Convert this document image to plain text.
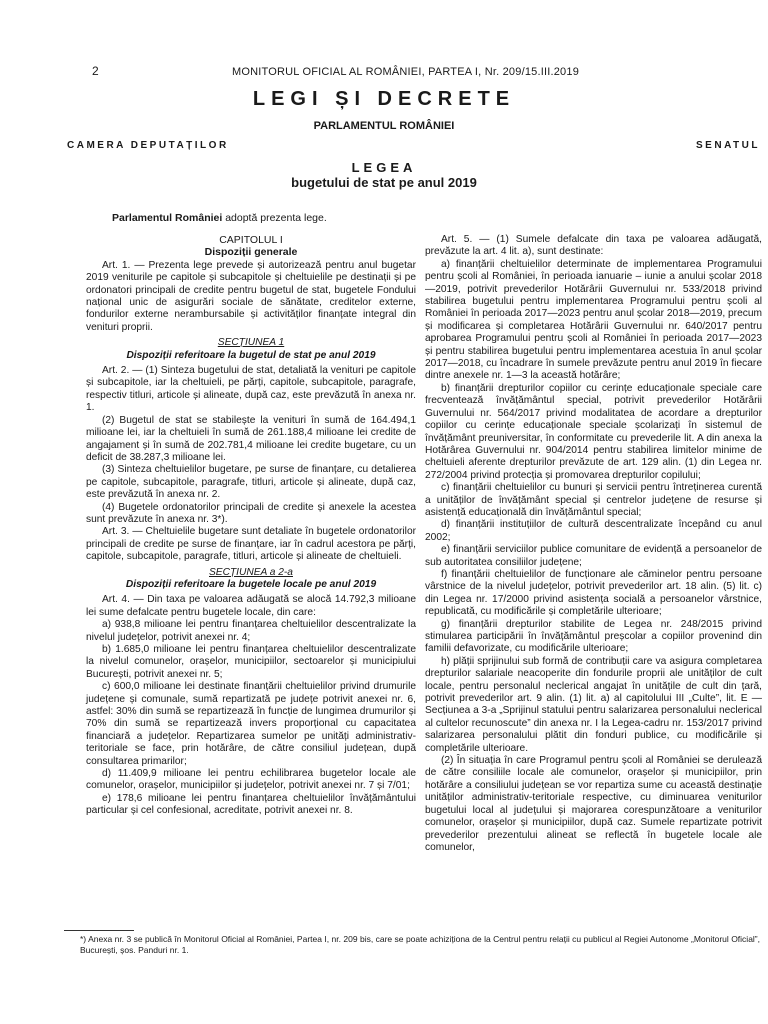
2	MONITORUL OFICIAL AL ROMÂNIEI, PARTEA I, Nr. 209/15.III.2019
LEGI ȘI DECRETE
PARLAMENTUL ROMÂNIEI
CAMERA DEPUTAȚILOR	SENATUL
LEGEA
bugetului de stat pe anul 2019
Parlamentul României adoptă prezenta lege.
CAPITOLUL I
Dispoziții generale

Art. 1. — Prezenta lege prevede și autorizează pentru anul bugetar 2019 veniturile pe capitole și subcapitole și cheltuielile pe destinații și pe ordonatori principali de credite pentru bugetul de stat, bugetele Fondului național unic de asigurări sociale de sănătate, creditelor externe, fondurilor externe nerambursabile și activităților finanțate integral din venituri proprii.

SECȚIUNEA 1
Dispoziții referitoare la bugetul de stat pe anul 2019

Art. 2. — (1) Sinteza bugetului de stat, detaliată la venituri pe capitole și subcapitole, iar la cheltuieli, pe părți, capitole, subcapitole, paragrafe, respectiv titluri, articole și alineate, după caz, este prevăzută în anexa nr. 1.

(2) Bugetul de stat se stabilește la venituri în sumă de 164.494,1 milioane lei, iar la cheltuieli în sumă de 261.188,4 milioane lei credite de angajament și în sumă de 202.781,4 milioane lei credite bugetare, cu un deficit de 38.287,3 milioane lei.

(3) Sinteza cheltuielilor bugetare, pe surse de finanțare, cu detalierea pe capitole, subcapitole, paragrafe, titluri, articole și alineate, după caz, este prevăzută în anexa nr. 2.

(4) Bugetele ordonatorilor principali de credite și anexele la acestea sunt prevăzute în anexa nr. 3*).

Art. 3. — Cheltuielile bugetare sunt detaliate în bugetele ordonatorilor principali de credite pe surse de finanțare, iar în cadrul acestora pe părți, capitole, subcapitole, paragrafe, titluri, articole și alineate de cheltuieli.

SECȚIUNEA a 2-a
Dispoziții referitoare la bugetele locale pe anul 2019

Art. 4. — Din taxa pe valoarea adăugată se alocă 14.792,3 milioane lei sume defalcate pentru bugetele locale, din care:

a) 938,8 milioane lei pentru finanțarea cheltuielilor descentralizate la nivelul județelor, potrivit anexei nr. 4;

b) 1.685,0 milioane lei pentru finanțarea cheltuielilor descentralizate la nivelul comunelor, orașelor, municipiilor, sectoarelor și municipiului București, potrivit anexei nr. 5;

c) 600,0 milioane lei destinate finanțării cheltuielilor privind drumurile județene și comunale, sumă repartizată pe județe potrivit anexei nr. 6, astfel: 30% din sumă se repartizează în funcție de lungimea drumurilor și 70% din sumă se repartizează invers proporțional cu capacitatea financiară a județelor. Repartizarea sumelor pe unități administrativ-teritoriale se face, prin hotărâre, de către consiliul județean, după consultarea primarilor;

d) 11.409,9 milioane lei pentru echilibrarea bugetelor locale ale comunelor, orașelor, municipiilor și județelor, potrivit anexei nr. 7 și 7/01;

e) 178,6 milioane lei pentru finanțarea cheltuielilor învățământului particular și cel confesional, acreditate, potrivit anexei nr. 8.

Art. 5. — (1) Sumele defalcate din taxa pe valoarea adăugată, prevăzute la art. 4 lit. a), sunt destinate:

a) finanțării cheltuielilor determinate de implementarea Programului pentru școli al României, în perioada ianuarie – iunie a anului școlar 2018—2019, potrivit prevederilor Hotărârii Guvernului nr. 533/2018 privind stabilirea bugetului pentru implementarea Programului pentru școli al României în perioada 2017—2023 pentru anul școlar 2018—2019, precum și modificarea și completarea Hotărârii Guvernului nr. 640/2017 pentru aprobarea Programului pentru școli al României în perioada 2017—2023 și pentru stabilirea bugetului pentru implementarea acestuia în anul școlar 2017—2018, cu încadrare în sumele prevăzute pentru anul 2019 în fiecare dintre anexele nr. 1—3 la această hotărâre;

b) finanțării drepturilor copiilor cu cerințe educaționale speciale care frecventează învățământul special, potrivit prevederilor Hotărârii Guvernului nr. 564/2017 privind modalitatea de acordare a drepturilor copiilor cu cerințe educaționale speciale școlarizați în sistemul de învățământ preuniversitar, în conformitate cu prevederile lit. A din anexa la Hotărârea Guvernului nr. 904/2014 pentru stabilirea limitelor minime de cheltuieli aferente drepturilor prevăzute de art. 129 alin. (1) din Legea nr. 272/2004 privind protecția și promovarea drepturilor copilului;

c) finanțării cheltuielilor cu bunuri și servicii pentru întreținerea curentă a unităților de învățământ special și centrelor județene de resurse și asistență educațională din învățământul special;

d) finanțării instituțiilor de cultură descentralizate începând cu anul 2002;

e) finanțării serviciilor publice comunitare de evidență a persoanelor de sub autoritatea consiliilor județene;

f) finanțării cheltuielilor de funcționare ale căminelor pentru persoane vârstnice de la nivelul județelor, potrivit prevederilor art. 18 alin. (5) lit. c) din Legea nr. 17/2000 privind asistența socială a persoanelor vârstnice, republicată, cu modificările și completările ulterioare;

g) finanțării drepturilor stabilite de Legea nr. 248/2015 privind stimularea participării în învățământul preșcolar a copiilor provenind din familii defavorizate, cu modificările ulterioare;

h) plății sprijinului sub formă de contribuții care va asigura completarea drepturilor salariale neacoperite din fondurile proprii ale unităților de cult locale, pentru personalul neclerical angajat în unitățile de cult din țară, potrivit prevederilor art. 9 alin. (1) lit. a) al capitolului III „Culte”, lit. E — Secțiunea a 3-a „Sprijinul statului pentru salarizarea personalului neclerical al cultelor recunoscute” din anexa nr. I la Legea-cadru nr. 153/2017 privind salarizarea personalului plătit din fonduri publice, cu modificările și completările ulterioare.

(2) În situația în care Programul pentru școli al României se derulează de către consiliile locale ale comunelor, orașelor și municipiilor, prin hotărâre a consiliului județean se vor repartiza sume cu această destinație unităților administrativ-teritoriale respective, cu diminuarea veniturilor bugetului local al județului și majorarea corespunzătoare a veniturilor comunelor, orașelor și municipiilor, după caz. Sumele repartizate potrivit prevederilor prezentului alineat se reflectă în bugetele locale ale comunelor,

*) Anexa nr. 3 se publică în Monitorul Oficial al României, Partea I, nr. 209 bis, care se poate achiziționa de la Centrul pentru relații cu publicul al Regiei Autonome „Monitorul Oficial”, București, șos. Panduri nr. 1.
